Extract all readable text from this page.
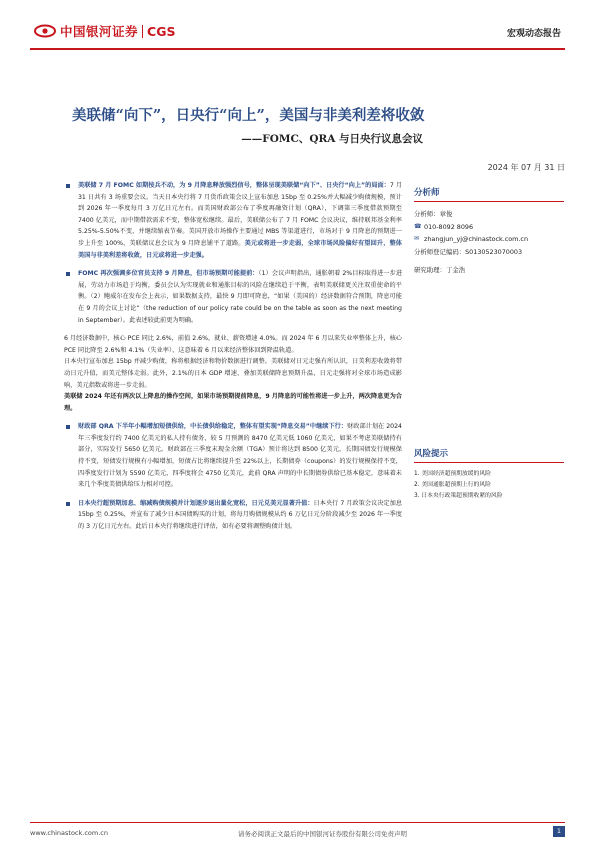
中国银河证券 CGS	宏观动态报告
美联储“向下”，日央行“向上”，美国与非美利差将收敛
——FOMC、QRA 与日央行议息会议
2024 年 07 月 31 日
美联储 7 月 FOMC 如期按兵不动，为 9 月降息释放强烈信号，整体呈现美联储“向下”、日央行“向上”的局面：7 月 31 日共有 3 场重要会议。当天日本央行将 7 月货币政策会议上宣布加息 15bp 至 0.25%并大幅减少购债规模，预计到 2026 年一季度每月 3 万亿日元左右。而美国财政部公布了季度再融资计划（QRA），下调第三季度借款预期至 7400 亿美元，而中期借款需求不变，整体宽松继续。最后，美联储公布了 7 月 FOMC 会议决议，维持联邦基金利率 5.25%-5.50%不变，并继续缩表节奏。美国开放市场操作主要通过 MBS 等渠道进行，市场对于 9 月降息的预期进一步上升至 100%，美联储议息会议为 9 月降息铺平了道路。美元或将进一步走弱，全球市场风险偏好有望回升，整体美国与非美利差将收敛，日元或将进一步走强。
FOMC 再次强调多位官员支持 9 月降息，但市场预期可能提前：（1）会议声明指出，通胀朝着 2%目标取得进一步进展，劳动力市场趋于均衡，委员会认为实现就业和通胀目标的风险在继续趋于平衡，表明美联储更关注双重使命的平衡。（2）鲍威尔在发布会上表示，如果数据支持，最快 9 月即可降息，“如果（美国的）经济数据符合预期，降息可能在 9 月的会议上讨论”（the reduction of our policy rate could be on the table as soon as the next meeting in September）。此表述较此前更为明确。
6 月经济数据中，核心 PCE 同比 2.6%，前值 2.6%，就业、薪资增速 4.0%。而 2024 年 6 月以来失业率整体上升，核心 PCE 同比降至 2.6%和 4.1%（失业率），这意味着 6 月以来经济整体回到降温轨道。
日本央行宣布加息 15bp 并减少购债，称将根据经济和物价数据进行调整。美联储对日元走强有所认识，日美利差收敛将带动日元升值，而美元整体走弱。此外，2.1%的日本 GDP 增速，叠加美联储降息预期升温，日元走强将对全球市场造成影响，美元指数或将进一步走弱。
美联储 2024 年还有两次以上降息的操作空间，如果市场预期提前降息，9 月降息的可能性将进一步上升，两次降息更为合理。
财政部 QRA 下半年小幅增加短债供给，中长债供给稳定，整体有望实现“降息交易”中继续下行：财政部计划在 2024 年三季度发行约 7400 亿美元的私人持有债务，较 5 月预测的 8470 亿美元低 1060 亿美元，如果不考虑美联储持有部分，实际发行 5650 亿美元。财政部在三季度末现金余额（TGA）预计将达到 8500 亿美元，长期国债发行规模保持不变，短债发行规模有小幅增加，短债占比将继续提升至 22%以上，长期债券（coupons）的发行规模保持不变，四季度发行计划为 5590 亿美元，四季度将会 4750 亿美元，此前 QRA 声明的中长期债券供给已基本稳定，意味着未来几个季度美债供给压力相对可控。
日本央行超预期加息、缩减购债规模并计划逐步退出量化宽松，日元兑美元显著升值：日本央行 7 月政策会议决定加息 15bp 至 0.25%，并宣布了减少日本国债购买的计划，将每月购债规模从约 6 万亿日元分阶段减少至 2026 年一季度的 3 万亿日元左右。此后日本央行将继续进行评估，如有必要将调整购债计划。
分析师
分析师： 章俊
☎ 010-8092 8096
✉ zhangjun_yj@chinastock.com.cn
分析师登记编码： S0130523070003
研究助理： 丁金浩
风险提示
1. 美国经济超预期放缓的风险
2. 美国通胀超预期上行的风险
3. 日本央行政策超预期收紧的风险
www.chinastock.com.cn	请务必阅读正文最后的中国银河证券股份有限公司免责声明	1
